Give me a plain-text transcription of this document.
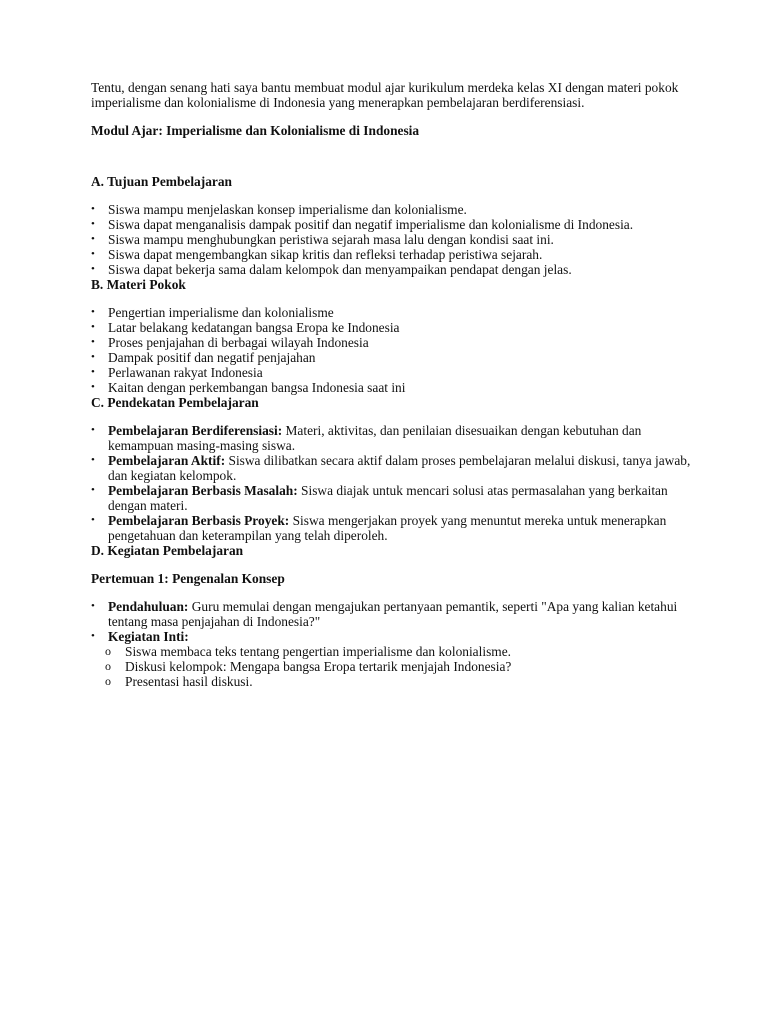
Tentu, dengan senang hati saya bantu membuat modul ajar kurikulum merdeka kelas XI dengan materi pokok imperialisme dan kolonialisme di Indonesia yang menerapkan pembelajaran berdiferensiasi.

Modul Ajar: Imperialisme dan Kolonialisme di Indonesia

A. Tujuan Pembelajaran
• Siswa mampu menjelaskan konsep imperialisme dan kolonialisme.
• Siswa dapat menganalisis dampak positif dan negatif imperialisme dan kolonialisme di Indonesia.
• Siswa mampu menghubungkan peristiwa sejarah masa lalu dengan kondisi saat ini.
• Siswa dapat mengembangkan sikap kritis dan refleksi terhadap peristiwa sejarah.
• Siswa dapat bekerja sama dalam kelompok dan menyampaikan pendapat dengan jelas.
B. Materi Pokok
• Pengertian imperialisme dan kolonialisme
• Latar belakang kedatangan bangsa Eropa ke Indonesia
• Proses penjajahan di berbagai wilayah Indonesia
• Dampak positif dan negatif penjajahan
• Perlawanan rakyat Indonesia
• Kaitan dengan perkembangan bangsa Indonesia saat ini
C. Pendekatan Pembelajaran
• Pembelajaran Berdiferensiasi: Materi, aktivitas, dan penilaian disesuaikan dengan kebutuhan dan kemampuan masing-masing siswa.
• Pembelajaran Aktif: Siswa dilibatkan secara aktif dalam proses pembelajaran melalui diskusi, tanya jawab, dan kegiatan kelompok.
• Pembelajaran Berbasis Masalah: Siswa diajak untuk mencari solusi atas permasalahan yang berkaitan dengan materi.
• Pembelajaran Berbasis Proyek: Siswa mengerjakan proyek yang menuntut mereka untuk menerapkan pengetahuan dan keterampilan yang telah diperoleh.
D. Kegiatan Pembelajaran
Pertemuan 1: Pengenalan Konsep
• Pendahuluan: Guru memulai dengan mengajukan pertanyaan pemantik, seperti "Apa yang kalian ketahui tentang masa penjajahan di Indonesia?"
• Kegiatan Inti:
o Siswa membaca teks tentang pengertian imperialisme dan kolonialisme.
o Diskusi kelompok: Mengapa bangsa Eropa tertarik menjajah Indonesia?
o Presentasi hasil diskusi.
